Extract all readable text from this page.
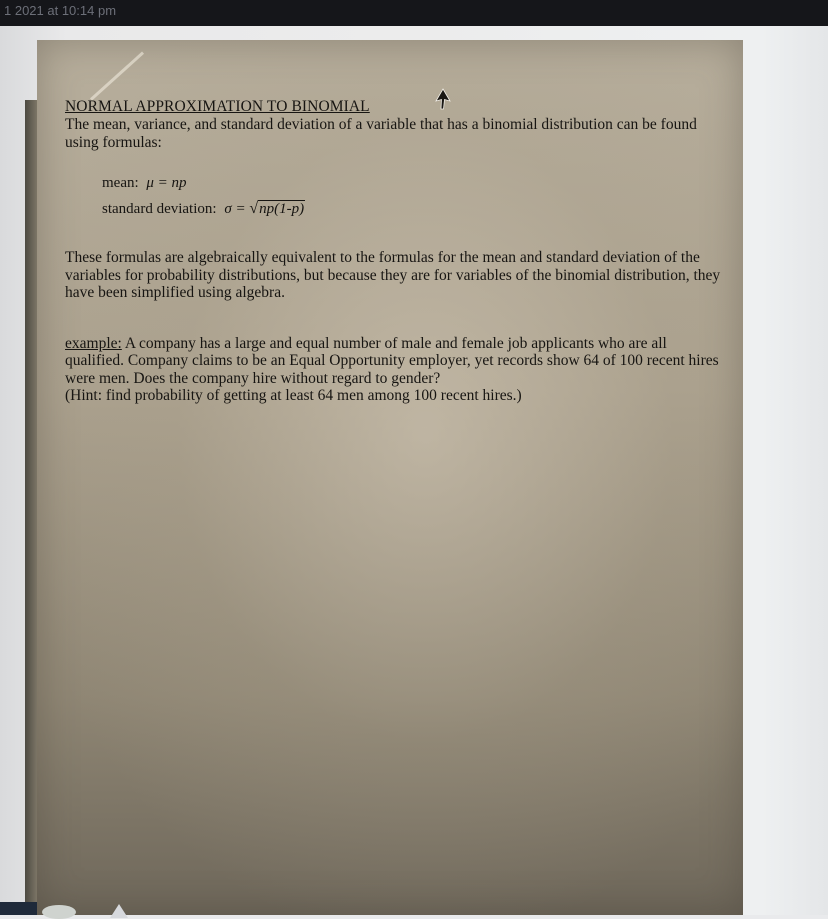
1 2021 at 10:14 pm
NORMAL APPROXIMATION TO BINOMIAL

The mean, variance, and standard deviation of a variable that has a binomial distribution can be found using formulas:

mean: μ = np
standard deviation: σ = √np(1-p)
These formulas are algebraically equivalent to the formulas for the mean and standard deviation of the variables for probability distributions, but because they are for variables of the binomial distribution, they have been simplified using algebra.
example: A company has a large and equal number of male and female job applicants who are all qualified. Company claims to be an Equal Opportunity employer, yet records show 64 of 100 recent hires were men. Does the company hire without regard to gender?
(Hint: find probability of getting at least 64 men among 100 recent hires.)
